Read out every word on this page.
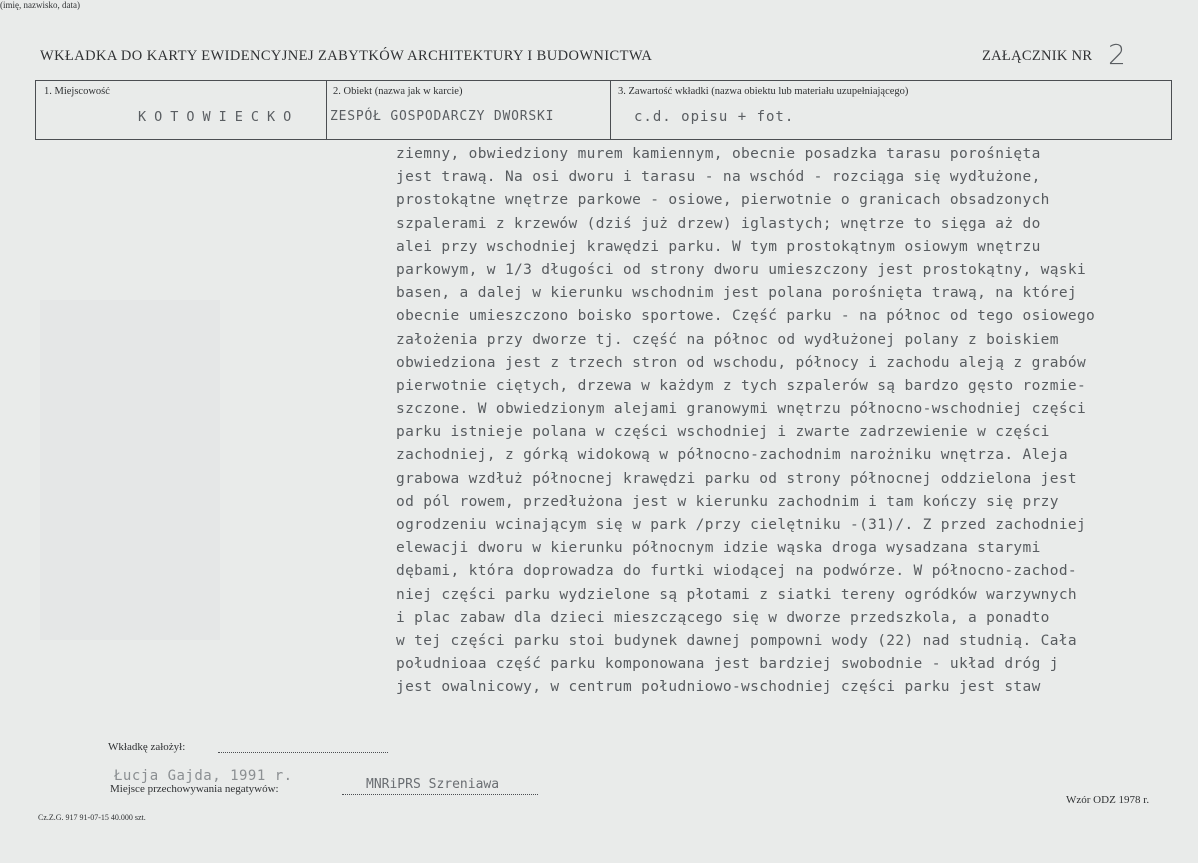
WKŁADKA DO KARTY EWIDENCYJNEJ ZABYTKÓW ARCHITEKTURY I BUDOWNICTWA	ZAŁĄCZNIK NR 2
1. Miejscowość
KOTOWIECKO
2. Obiekt (nazwa jak w karcie)
ZESPÓŁ GOSPODARCZY DWORSKI
3. Zawartość wkładki (nazwa obiektu lub materiału uzupełniającego)
c.d. opisu + fot.
ziemny, obwiedziony murem kamiennym, obecnie posadzka tarasu porośnięta
jest trawą. Na osi dworu i tarasu - na wschód - rozciąga się wydłużone,
prostokątne wnętrze parkowe - osiowe, pierwotnie o granicach obsadzonych
szpalerami z krzewów (dziś już drzew) iglastych; wnętrze to sięga aż do
alei przy wschodniej krawędzi parku. W tym prostokątnym osiowym wnętrzu
parkowym, w 1/3 długości od strony dworu umieszczony jest prostokątny, wąski
basen, a dalej w kierunku wschodnim jest polana porośnięta trawą, na której
obecnie umieszczono boisko sportowe. Część parku - na północ od tego osiowego
założenia przy dworze tj. część na północ od wydłużonej polany z boiskiem
obwiedziona jest z trzech stron od wschodu, północy i zachodu aleją z grabów
pierwotnie ciętych, drzewa w każdym z tych szpalerów są bardzo gęsto rozmie-
szczone. W obwiedzionym alejami granowymi wnętrzu północno-wschodniej części
parku istnieje polana w części wschodniej i zwarte zadrzewienie w części
zachodniej, z górką widokową w północno-zachodnim narożniku wnętrza. Aleja
grabowa wzdłuż północnej krawędzi parku od strony północnej oddzielona jest
od pól rowem, przedłużona jest w kierunku zachodnim i tam kończy się przy
ogrodzeniu wcinającym się w park /przy cielętniku -(31)/. Z przed zachodniej
elewacji dworu w kierunku północnym idzie wąska droga wysadzana starymi
dębami, która doprowadza do furtki wiodącej na podwórze. W północno-zachod-
niej części parku wydzielone są płotami z siatki tereny ogródków warzywnych
i plac zabaw dla dzieci mieszczącego się w dworze przedszkola, a ponadto
w tej części parku stoi budynek dawnej pompowni wody (22) nad studnią. Cała
południoaa część parku komponowana jest bardziej swobodnie - układ dróg j
jest owalnicowy, w centrum południowo-wschodniej części parku jest staw
Wkładkę założył:
(imię, nazwisko, data)
Łucja Gajda, 1991 r.
Miejsce przechowywania negatywów:	MNRiPRS Szreniawa
Cz.Z.G. 917 91-07-15 40.000 szt.
Wzór ODZ 1978 r.
